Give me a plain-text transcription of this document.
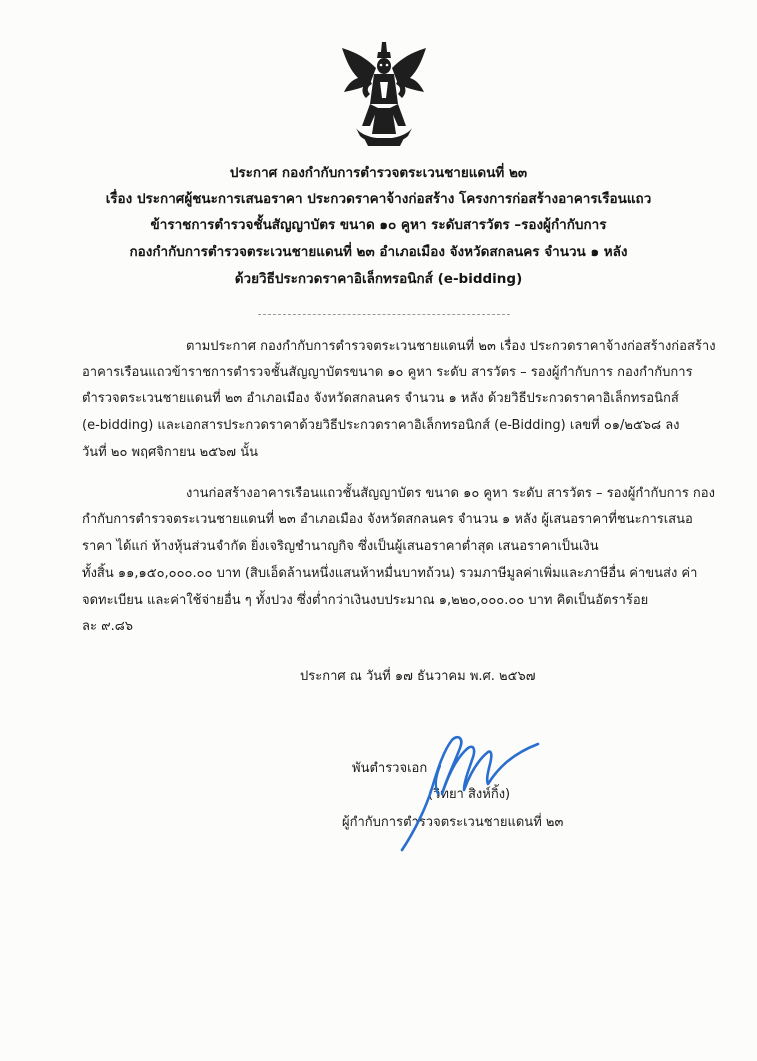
ประกาศ กองกำกับการตำรวจตระเวนชายแดนที่ ๒๓
เรื่อง ประกาศผู้ชนะการเสนอราคา ประกวดราคาจ้างก่อสร้าง โครงการก่อสร้างอาคารเรือนแถว
ข้าราชการตำรวจชั้นสัญญาบัตร ขนาด ๑๐ คูหา ระดับสารวัตร –รองผู้กำกับการ
กองกำกับการตำรวจตระเวนชายแดนที่ ๒๓ อำเภอเมือง จังหวัดสกลนคร จำนวน ๑ หลัง
ด้วยวิธีประกวดราคาอิเล็กทรอนิกส์ (e-bidding)
ตามประกาศ กองกำกับการตำรวจตระเวนชายแดนที่ ๒๓ เรื่อง ประกวดราคาจ้างก่อสร้างก่อสร้าง
อาคารเรือนแถวข้าราชการตำรวจชั้นสัญญาบัตรขนาด ๑๐ คูหา ระดับ สารวัตร – รองผู้กำกับการ กองกำกับการ
ตำรวจตระเวนชายแดนที่ ๒๓ อำเภอเมือง จังหวัดสกลนคร จำนวน ๑ หลัง ด้วยวิธีประกวดราคาอิเล็กทรอนิกส์
(e-bidding) และเอกสารประกวดราคาด้วยวิธีประกวดราคาอิเล็กทรอนิกส์ (e-Bidding) เลขที่ ๐๑/๒๕๖๘ ลง
วันที่ ๒๐ พฤศจิกายน ๒๕๖๗ นั้น
งานก่อสร้างอาคารเรือนแถวชั้นสัญญาบัตร ขนาด ๑๐ คูหา ระดับ สารวัตร – รองผู้กำกับการ กอง
กำกับการตำรวจตระเวนชายแดนที่ ๒๓ อำเภอเมือง จังหวัดสกลนคร จำนวน ๑ หลัง ผู้เสนอราคาที่ชนะการเสนอ
ราคา ได้แก่ ห้างหุ้นส่วนจำกัด ยิ่งเจริญชำนาญกิจ ซึ่งเป็นผู้เสนอราคาต่ำสุด เสนอราคาเป็นเงิน
ทั้งสิ้น ๑๑,๑๕๐,๐๐๐.๐๐ บาท (สิบเอ็ดล้านหนึ่งแสนห้าหมื่นบาทถ้วน) รวมภาษีมูลค่าเพิ่มและภาษีอื่น ค่าขนส่ง ค่า
จดทะเบียน และค่าใช้จ่ายอื่น ๆ ทั้งปวง ซึ่งต่ำกว่าเงินงบประมาณ ๑,๒๒๐,๐๐๐.๐๐ บาท คิดเป็นอัตราร้อย
ละ ๙.๘๖
ประกาศ ณ วันที่ ๑๗ ธันวาคม พ.ศ. ๒๕๖๗
พันตำรวจเอก
(วิทยา สิงห์กิ้ง)
ผู้กำกับการตำรวจตระเวนชายแดนที่ ๒๓
